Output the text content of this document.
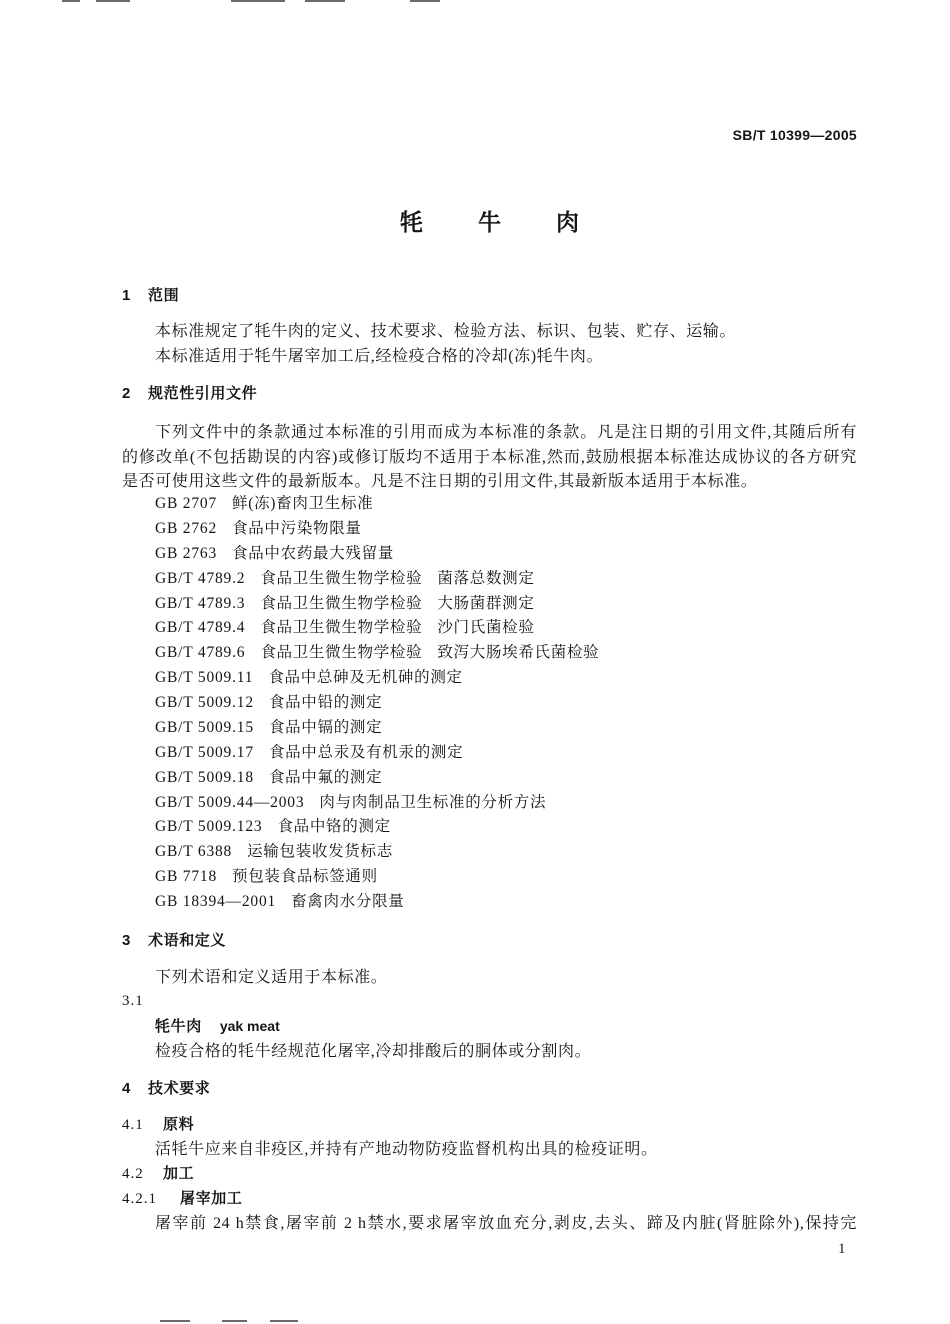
SB/T 10399—2005
牦牛肉
1 范围
本标准规定了牦牛肉的定义、技术要求、检验方法、标识、包装、贮存、运输。
本标准适用于牦牛屠宰加工后,经检疫合格的冷却(冻)牦牛肉。
2 规范性引用文件
下列文件中的条款通过本标准的引用而成为本标准的条款。凡是注日期的引用文件,其随后所有
的修改单(不包括勘误的内容)或修订版均不适用于本标准,然而,鼓励根据本标准达成协议的各方研究
是否可使用这些文件的最新版本。凡是不注日期的引用文件,其最新版本适用于本标准。
GB 2707 鲜(冻)畜肉卫生标准
GB 2762 食品中污染物限量
GB 2763 食品中农药最大残留量
GB/T 4789.2 食品卫生微生物学检验 菌落总数测定
GB/T 4789.3 食品卫生微生物学检验 大肠菌群测定
GB/T 4789.4 食品卫生微生物学检验 沙门氏菌检验
GB/T 4789.6 食品卫生微生物学检验 致泻大肠埃希氏菌检验
GB/T 5009.11 食品中总砷及无机砷的测定
GB/T 5009.12 食品中铅的测定
GB/T 5009.15 食品中镉的测定
GB/T 5009.17 食品中总汞及有机汞的测定
GB/T 5009.18 食品中氟的测定
GB/T 5009.44—2003 肉与肉制品卫生标准的分析方法
GB/T 5009.123 食品中铬的测定
GB/T 6388 运输包装收发货标志
GB 7718 预包装食品标签通则
GB 18394—2001 畜禽肉水分限量
3 术语和定义
下列术语和定义适用于本标准。
3.1
牦牛肉 yak meat
检疫合格的牦牛经规范化屠宰,冷却排酸后的胴体或分割肉。
4 技术要求
4.1 原料
活牦牛应来自非疫区,并持有产地动物防疫监督机构出具的检疫证明。
4.2 加工
4.2.1 屠宰加工
屠宰前 24 h禁食,屠宰前 2 h禁水,要求屠宰放血充分,剥皮,去头、蹄及内脏(肾脏除外),保持完
1
